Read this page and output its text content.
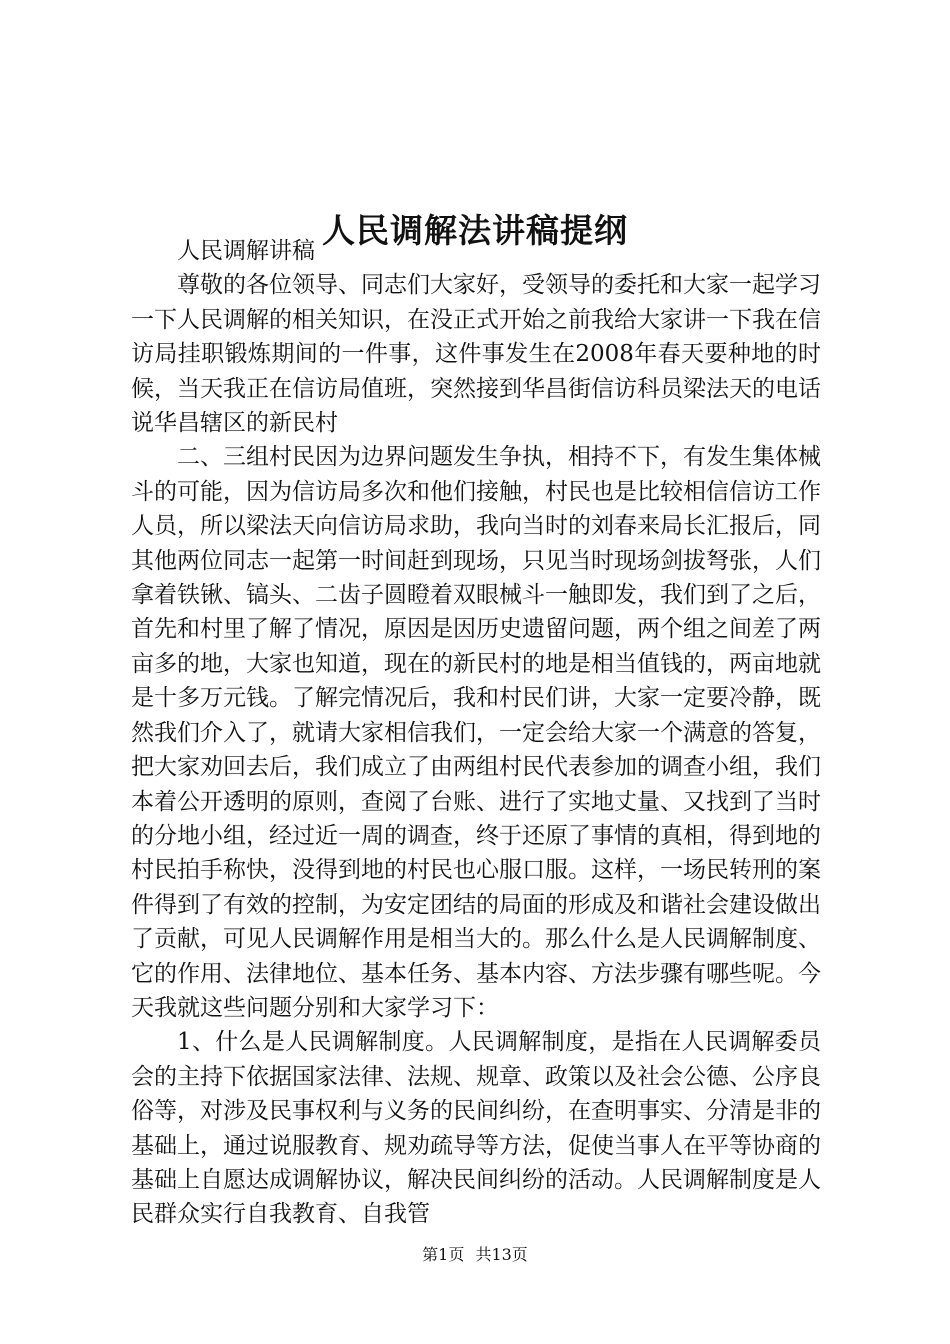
人民调解法讲稿提纲

人民调解讲稿

尊敬的各位领导、同志们大家好，受领导的委托和大家一起学习一下人民调解的相关知识，在没正式开始之前我给大家讲一下我在信访局挂职锻炼期间的一件事，这件事发生在2008年春天要种地的时候，当天我正在信访局值班，突然接到华昌街信访科员梁法天的电话说华昌辖区的新民村

二、三组村民因为边界问题发生争执，相持不下，有发生集体械斗的可能，因为信访局多次和他们接触，村民也是比较相信信访工作人员，所以梁法天向信访局求助，我向当时的刘春来局长汇报后，同其他两位同志一起第一时间赶到现场，只见当时现场剑拔弩张，人们拿着铁锹、镐头、二齿子圆瞪着双眼械斗一触即发，我们到了之后，首先和村里了解了情况，原因是因历史遗留问题，两个组之间差了两亩多的地，大家也知道，现在的新民村的地是相当值钱的，两亩地就是十多万元钱。了解完情况后，我和村民们讲，大家一定要冷静，既然我们介入了，就请大家相信我们，一定会给大家一个满意的答复，把大家劝回去后，我们成立了由两组村民代表参加的调查小组，我们本着公开透明的原则，查阅了台账、进行了实地丈量、又找到了当时的分地小组，经过近一周的调查，终于还原了事情的真相，得到地的村民拍手称快，没得到地的村民也心服口服。这样，一场民转刑的案件得到了有效的控制，为安定团结的局面的形成及和谐社会建设做出了贡献，可见人民调解作用是相当大的。那么什么是人民调解制度、它的作用、法律地位、基本任务、基本内容、方法步骤有哪些呢。今天我就这些问题分别和大家学习下：

1、什么是人民调解制度。人民调解制度，是指在人民调解委员会的主持下依据国家法律、法规、规章、政策以及社会公德、公序良俗等，对涉及民事权利与义务的民间纠纷，在查明事实、分清是非的基础上，通过说服教育、规劝疏导等方法，促使当事人在平等协商的基础上自愿达成调解协议，解决民间纠纷的活动。人民调解制度是人民群众实行自我教育、自我管

第1页 共13页
